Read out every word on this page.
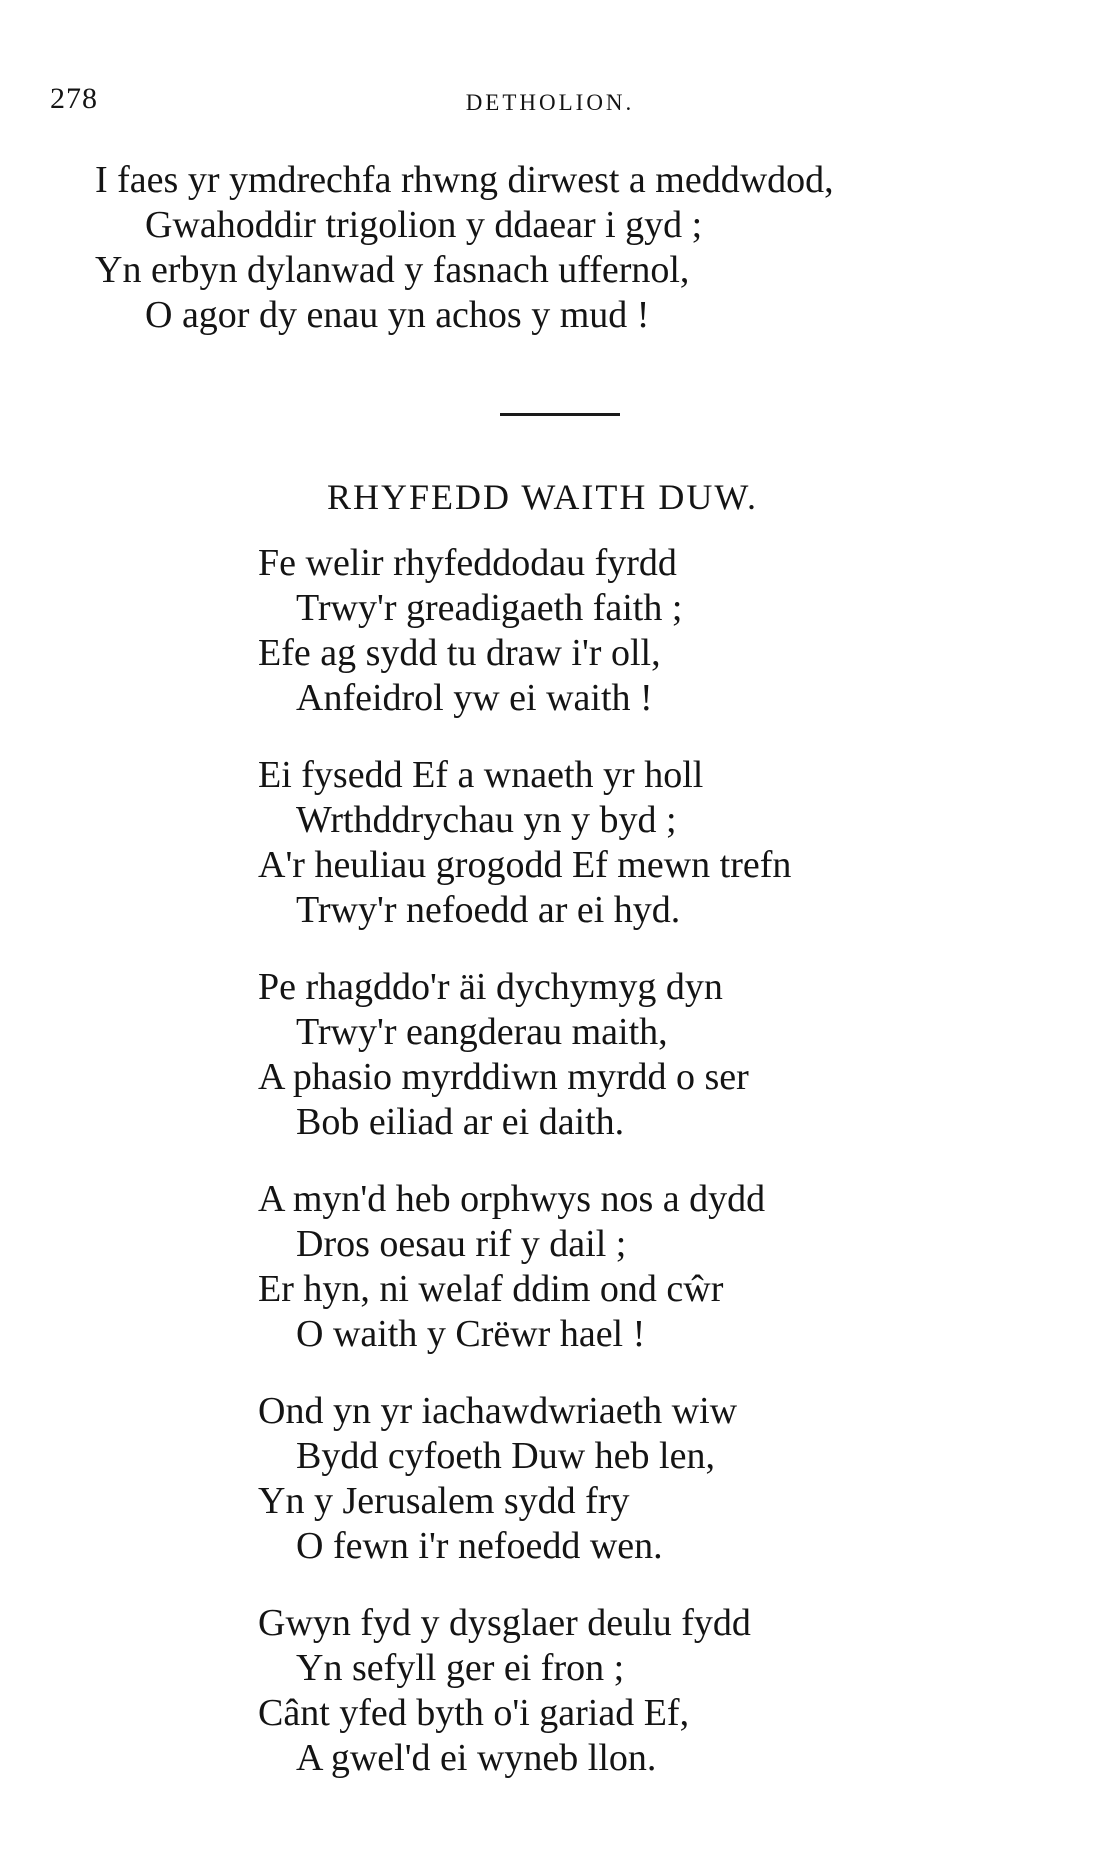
278	DETHOLION.
I faes yr ymdrechfa rhwng dirwest a meddwdod,
Gwahoddir trigolion y ddaear i gyd ;
Yn erbyn dylanwad y fasnach uffernol,
O agor dy enau yn achos y mud !
RHYFEDD WAITH DUW.
Fe welir rhyfeddodau fyrdd
Trwy'r greadigaeth faith ;
Efe ag sydd tu draw i'r oll,
Anfeidrol yw ei waith !
Ei fysedd Ef a wnaeth yr holl
Wrthddrychau yn y byd ;
A'r heuliau grogodd Ef mewn trefn
Trwy'r nefoedd ar ei hyd.
Pe rhagddo'r äi dychymyg dyn
Trwy'r eangderau maith,
A phasio myrddiwn myrdd o ser
Bob eiliad ar ei daith.
A myn'd heb orphwys nos a dydd
Dros oesau rif y dail ;
Er hyn, ni welaf ddim ond cŵr
O waith y Crëwr hael !
Ond yn yr iachawdwriaeth wiw
Bydd cyfoeth Duw heb len,
Yn y Jerusalem sydd fry
O fewn i'r nefoedd wen.
Gwyn fyd y dysglaer deulu fydd
Yn sefyll ger ei fron ;
Cânt yfed byth o'i gariad Ef,
A gwel'd ei wyneb llon.
